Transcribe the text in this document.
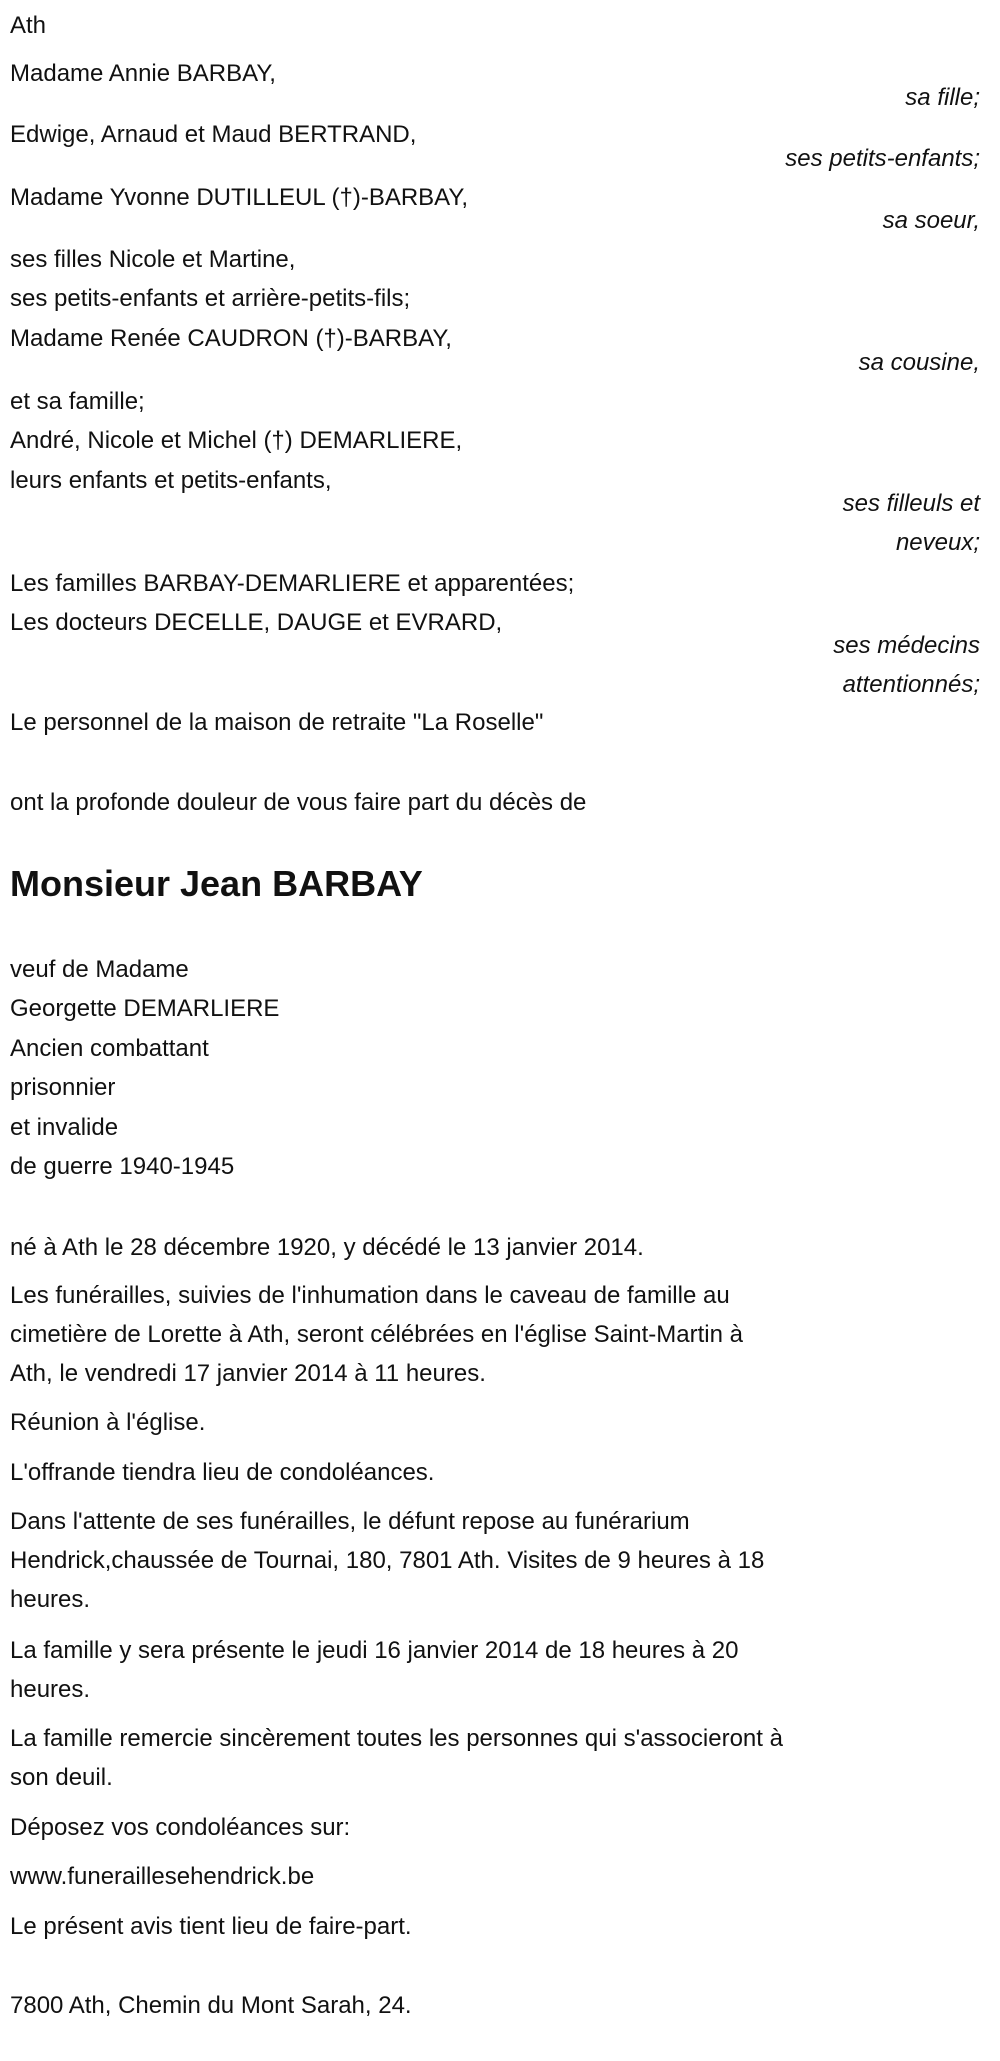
Ath
Madame Annie BARBAY,
sa fille;
Edwige, Arnaud et Maud BERTRAND,
ses petits-enfants;
Madame Yvonne DUTILLEUL (†)-BARBAY,
sa soeur,
ses filles Nicole et Martine,
ses petits-enfants et arrière-petits-fils;
Madame Renée CAUDRON (†)-BARBAY,
sa cousine,
et sa famille;
André, Nicole et Michel (†) DEMARLIERE,
leurs enfants et petits-enfants,
ses filleuls et
neveux;
Les familles BARBAY-DEMARLIERE et apparentées;
Les docteurs DECELLE, DAUGE et EVRARD,
ses médecins
attentionnés;
Le personnel de la maison de retraite "La Roselle"
ont la profonde douleur de vous faire part du décès de
Monsieur Jean BARBAY
veuf de Madame
Georgette DEMARLIERE
Ancien combattant
prisonnier
et invalide
de guerre 1940-1945
né à Ath le 28 décembre 1920, y décédé le 13 janvier 2014.
Les funérailles, suivies de l'inhumation dans le caveau de famille au
cimetière de Lorette à Ath, seront célébrées en l'église Saint-Martin à
Ath, le vendredi 17 janvier 2014 à 11 heures.
Réunion à l'église.
L'offrande tiendra lieu de condoléances.
Dans l'attente de ses funérailles, le défunt repose au funérarium
Hendrick,chaussée de Tournai, 180, 7801 Ath. Visites de 9 heures à 18
heures.
La famille y sera présente le jeudi 16 janvier 2014 de 18 heures à 20
heures.
La famille remercie sincèrement toutes les personnes qui s'associeront à
son deuil.
Déposez vos condoléances sur:
www.funeraillesehendrick.be
Le présent avis tient lieu de faire-part.
7800 Ath, Chemin du Mont Sarah, 24.
